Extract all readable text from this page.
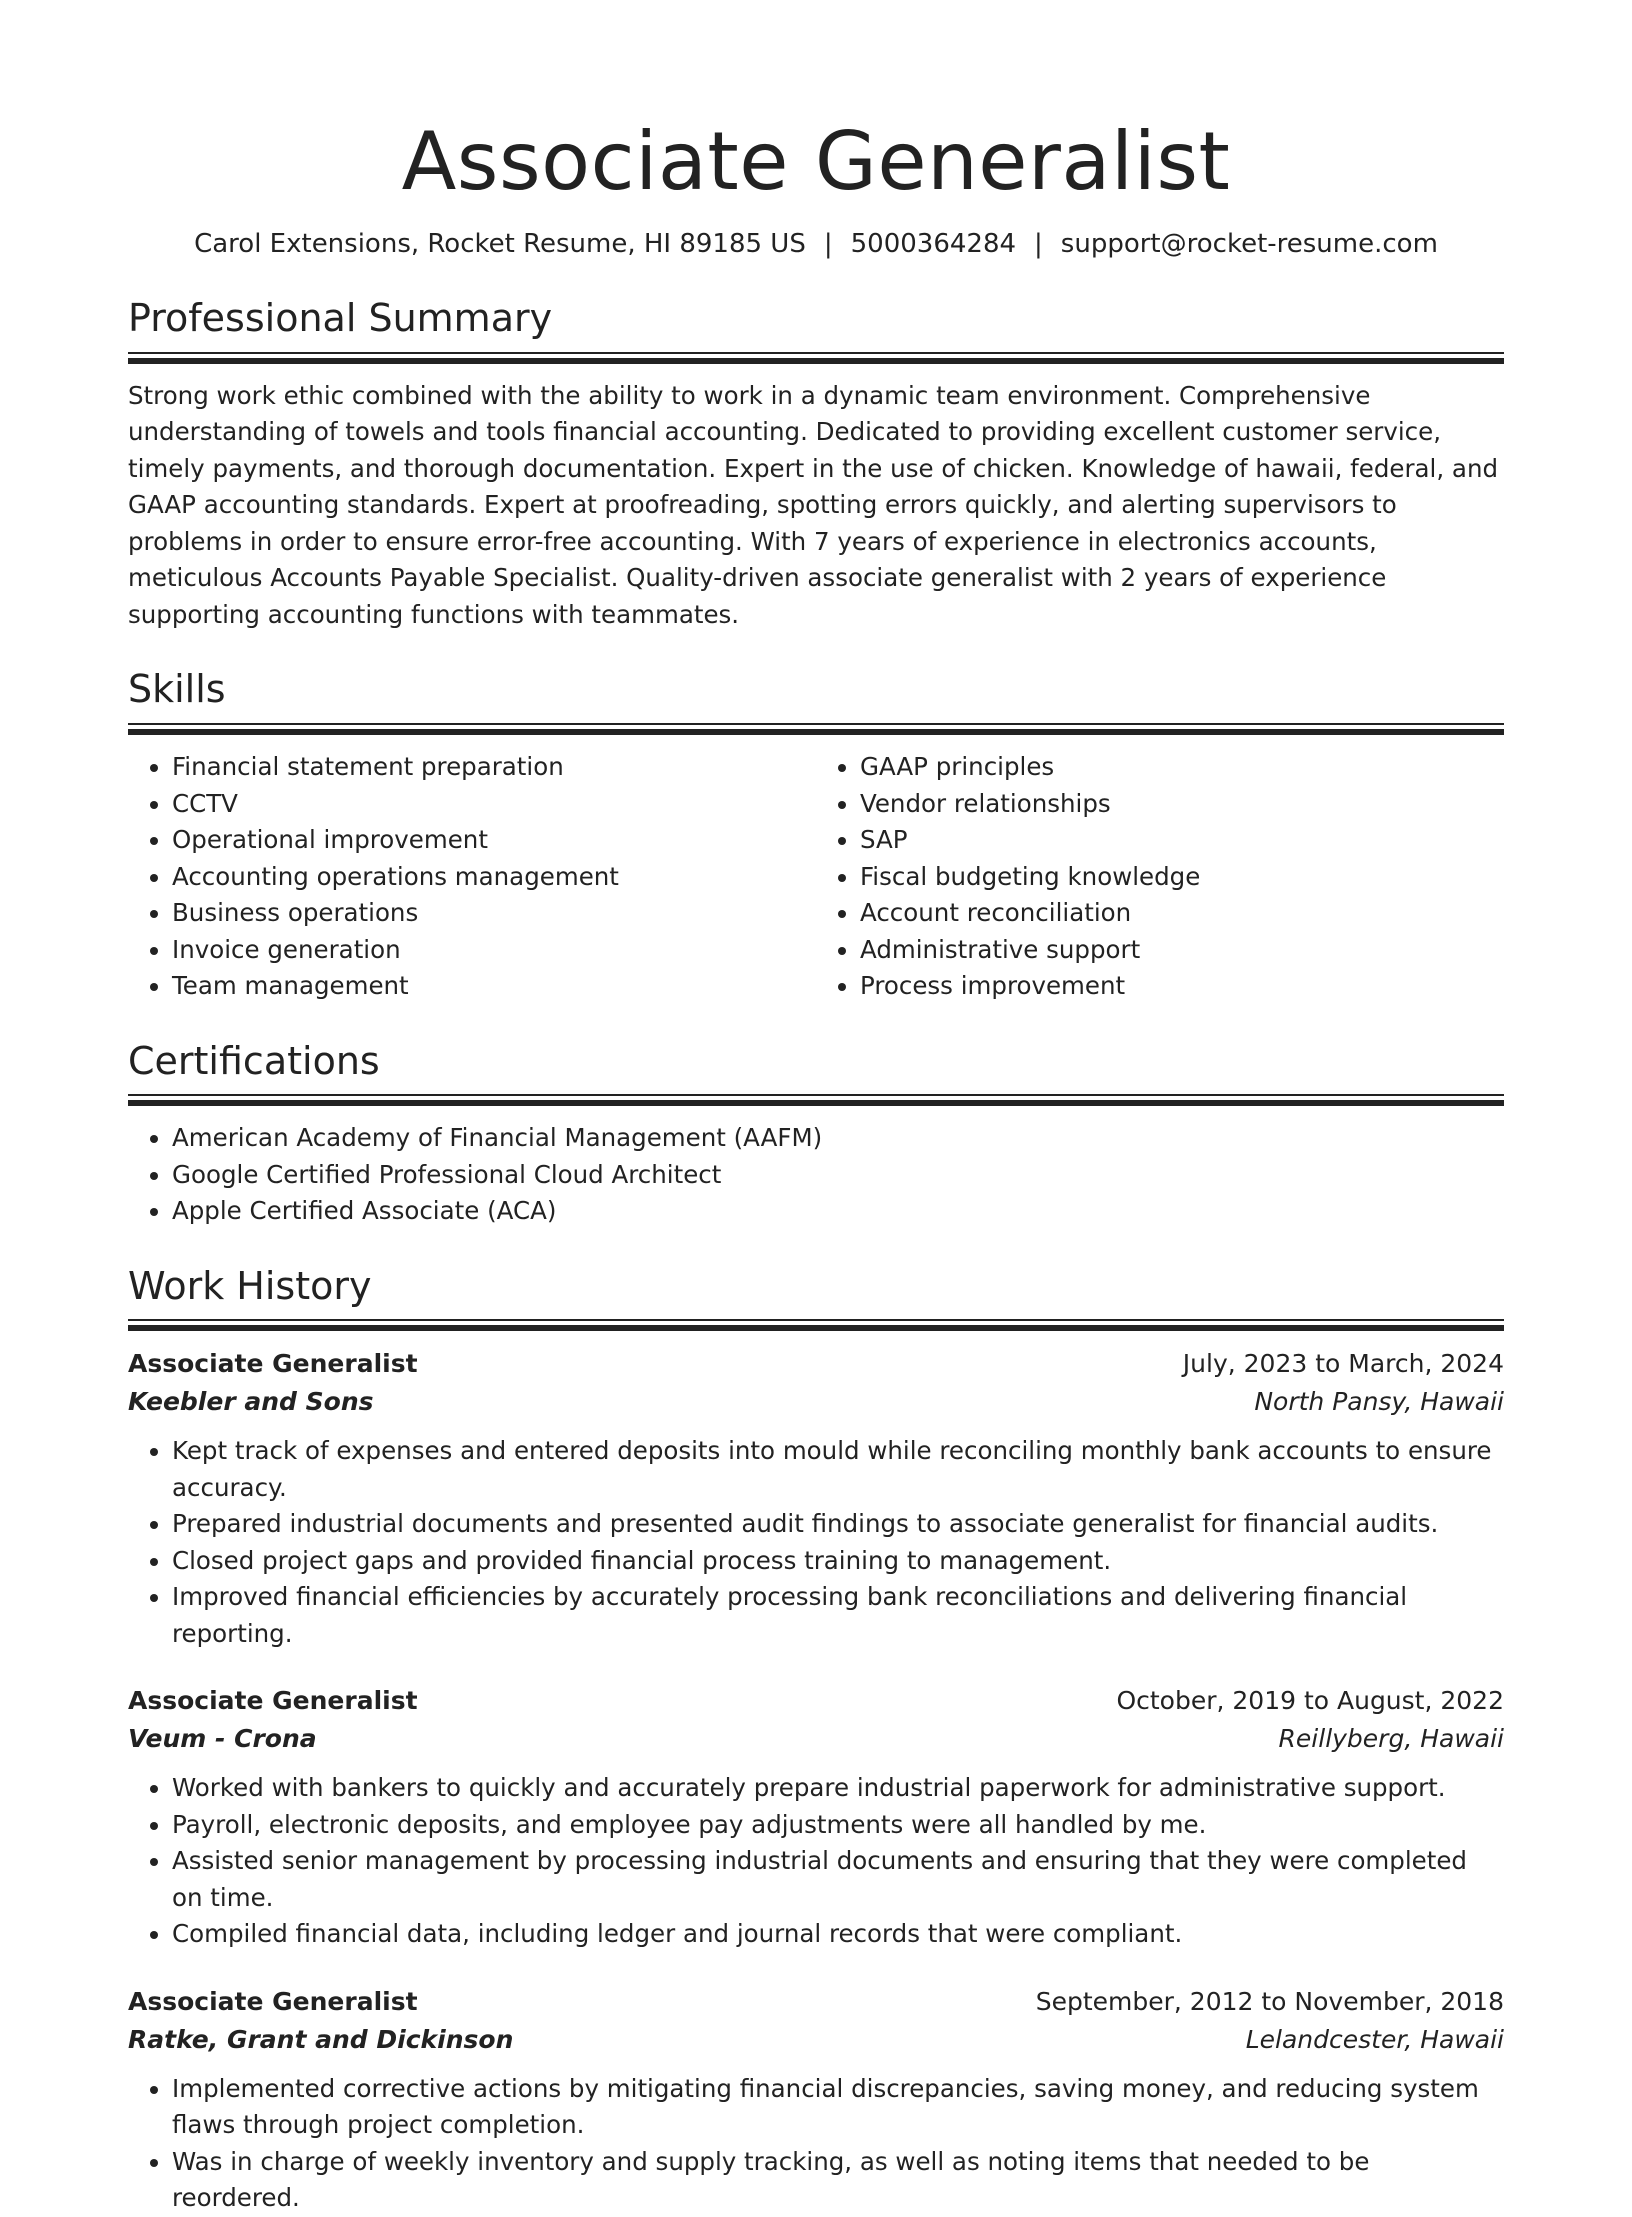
Associate Generalist
Carol Extensions, Rocket Resume, HI 89185 US | 5000364284 | support@rocket-resume.com
Professional Summary

Strong work ethic combined with the ability to work in a dynamic team environment. Comprehensive understanding of towels and tools financial accounting. Dedicated to providing excellent customer service, timely payments, and thorough documentation. Expert in the use of chicken. Knowledge of hawaii, federal, and GAAP accounting standards. Expert at proofreading, spotting errors quickly, and alerting supervisors to problems in order to ensure error-free accounting. With 7 years of experience in electronics accounts, meticulous Accounts Payable Specialist. Quality-driven associate generalist with 2 years of experience supporting accounting functions with teammates.

Skills
• Financial statement preparation
• CCTV
• Operational improvement
• Accounting operations management
• Business operations
• Invoice generation
• Team management
• GAAP principles
• Vendor relationships
• SAP
• Fiscal budgeting knowledge
• Account reconciliation
• Administrative support
• Process improvement
Certifications
• American Academy of Financial Management (AAFM)
• Google Certified Professional Cloud Architect
• Apple Certified Associate (ACA)
Work History
Associate Generalist	July, 2023 to March, 2024
Keebler and Sons	North Pansy, Hawaii
• Kept track of expenses and entered deposits into mould while reconciling monthly bank accounts to ensure accuracy.
• Prepared industrial documents and presented audit findings to associate generalist for financial audits.
• Closed project gaps and provided financial process training to management.
• Improved financial efficiencies by accurately processing bank reconciliations and delivering financial reporting.
Associate Generalist	October, 2019 to August, 2022
Veum - Crona	Reillyberg, Hawaii
• Worked with bankers to quickly and accurately prepare industrial paperwork for administrative support.
• Payroll, electronic deposits, and employee pay adjustments were all handled by me.
• Assisted senior management by processing industrial documents and ensuring that they were completed on time.
• Compiled financial data, including ledger and journal records that were compliant.
Associate Generalist	September, 2012 to November, 2018
Ratke, Grant and Dickinson	Lelandcester, Hawaii
• Implemented corrective actions by mitigating financial discrepancies, saving money, and reducing system flaws through project completion.
• Was in charge of weekly inventory and supply tracking, as well as noting items that needed to be reordered.
